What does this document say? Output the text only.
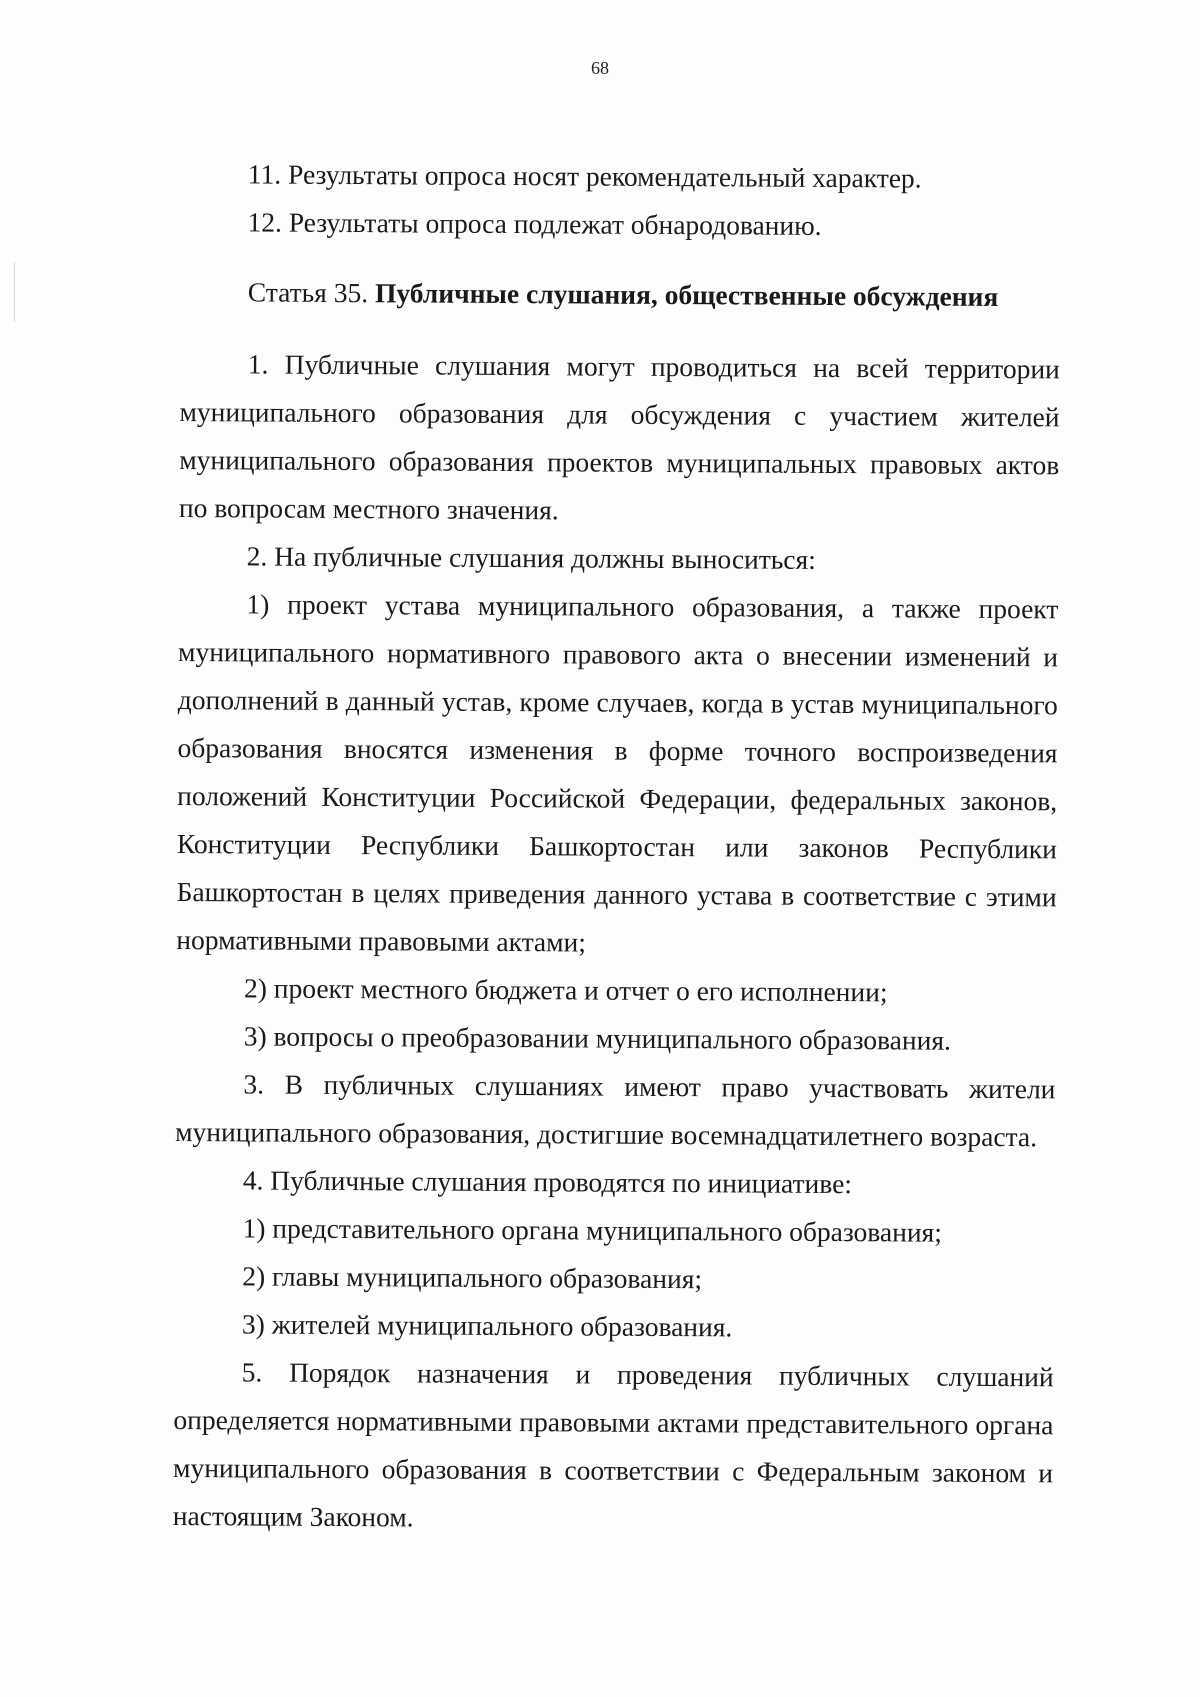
68

11. Результаты опроса носят рекомендательный характер.

12. Результаты опроса подлежат обнародованию.

Статья 35. Публичные слушания, общественные обсуждения

1. Публичные слушания могут проводиться на всей территории муниципального образования для обсуждения с участием жителей муниципального образования проектов муниципальных правовых актов по вопросам местного значения.

2. На публичные слушания должны выноситься:

1) проект устава муниципального образования, а также проект муниципального нормативного правового акта о внесении изменений и дополнений в данный устав, кроме случаев, когда в устав муниципального образования вносятся изменения в форме точного воспроизведения положений Конституции Российской Федерации, федеральных законов, Конституции Республики Башкортостан или законов Республики Башкортостан в целях приведения данного устава в соответствие с этими нормативными правовыми актами;

2) проект местного бюджета и отчет о его исполнении;

3) вопросы о преобразовании муниципального образования.

3. В публичных слушаниях имеют право участвовать жители муниципального образования, достигшие восемнадцатилетнего возраста.

4. Публичные слушания проводятся по инициативе:

1) представительного органа муниципального образования;

2) главы муниципального образования;

3) жителей муниципального образования.

5. Порядок назначения и проведения публичных слушаний определяется нормативными правовыми актами представительного органа муниципального образования в соответствии с Федеральным законом и настоящим Законом.
